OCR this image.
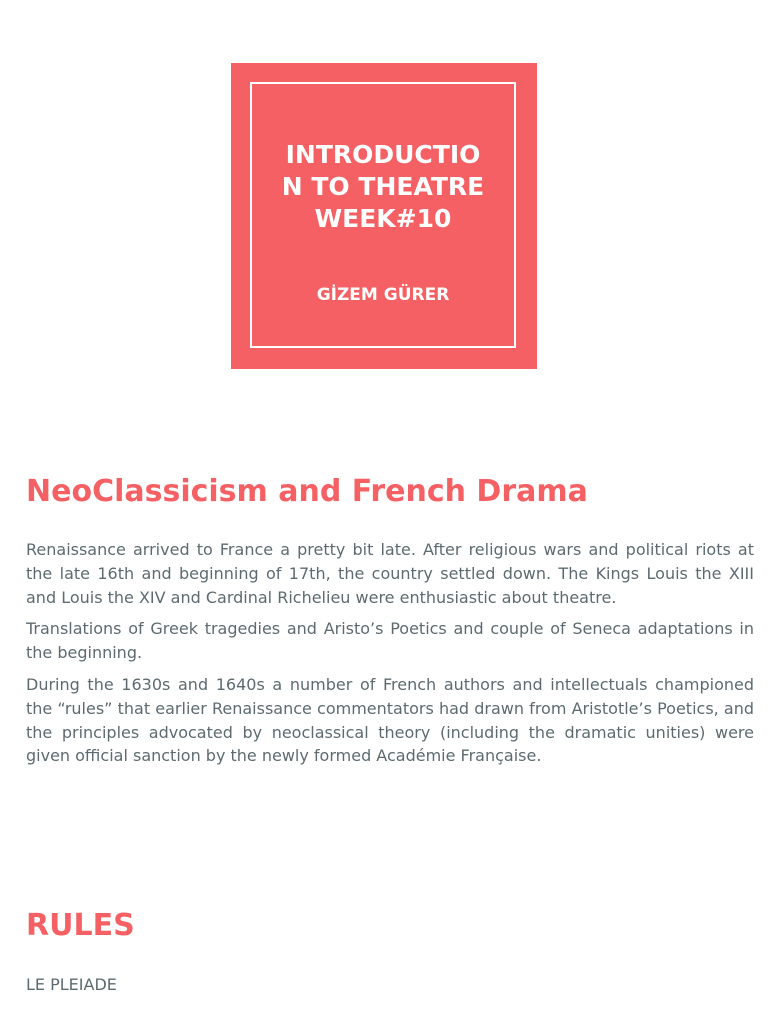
INTRODUCTIO
N TO THEATRE
WEEK#10
GİZEM GÜRER
NeoClassicism and French Drama

Renaissance arrived to France a pretty bit late. After religious wars and political riots at the late 16th and beginning of 17th, the country settled down. The Kings Louis the XIII and Louis the XIV and Cardinal Richelieu were enthusiastic about theatre.

Translations of Greek tragedies and Aristo’s Poetics and couple of Seneca adaptations in the beginning.

During the 1630s and 1640s a number of French authors and intellectuals championed the “rules” that earlier Renaissance commentators had drawn from Aristotle’s Poetics, and the principles advocated by neoclassical theory (including the dramatic unities) were given official sanction by the newly formed Académie Française.

RULES

LE PLEIADE
